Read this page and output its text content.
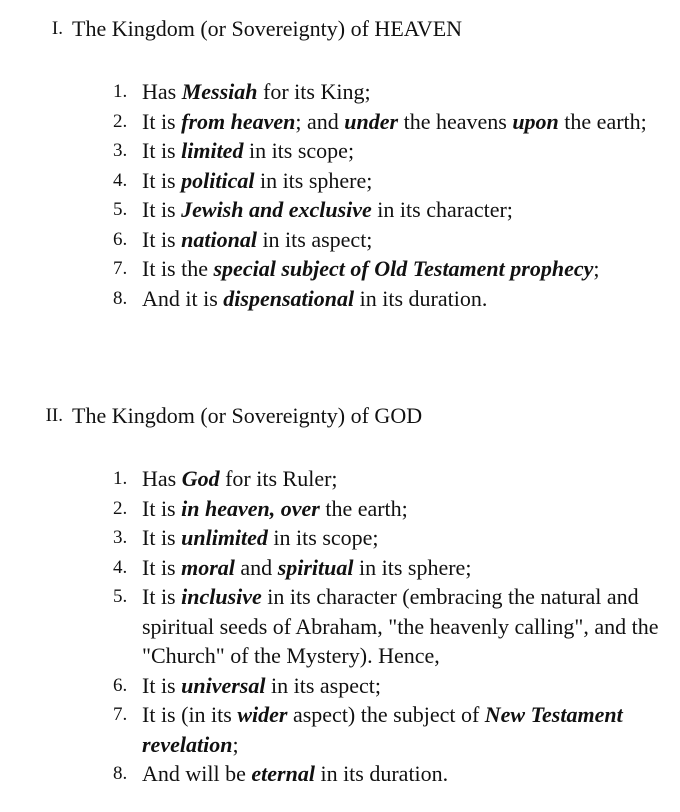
I. The Kingdom (or Sovereignty) of HEAVEN
1. Has Messiah for its King;
2. It is from heaven; and under the heavens upon the earth;
3. It is limited in its scope;
4. It is political in its sphere;
5. It is Jewish and exclusive in its character;
6. It is national in its aspect;
7. It is the special subject of Old Testament prophecy;
8. And it is dispensational in its duration.
II. The Kingdom (or Sovereignty) of GOD
1. Has God for its Ruler;
2. It is in heaven, over the earth;
3. It is unlimited in its scope;
4. It is moral and spiritual in its sphere;
5. It is inclusive in its character (embracing the natural and spiritual seeds of Abraham, "the heavenly calling", and the "Church" of the Mystery). Hence,
6. It is universal in its aspect;
7. It is (in its wider aspect) the subject of New Testament revelation;
8. And will be eternal in its duration.
